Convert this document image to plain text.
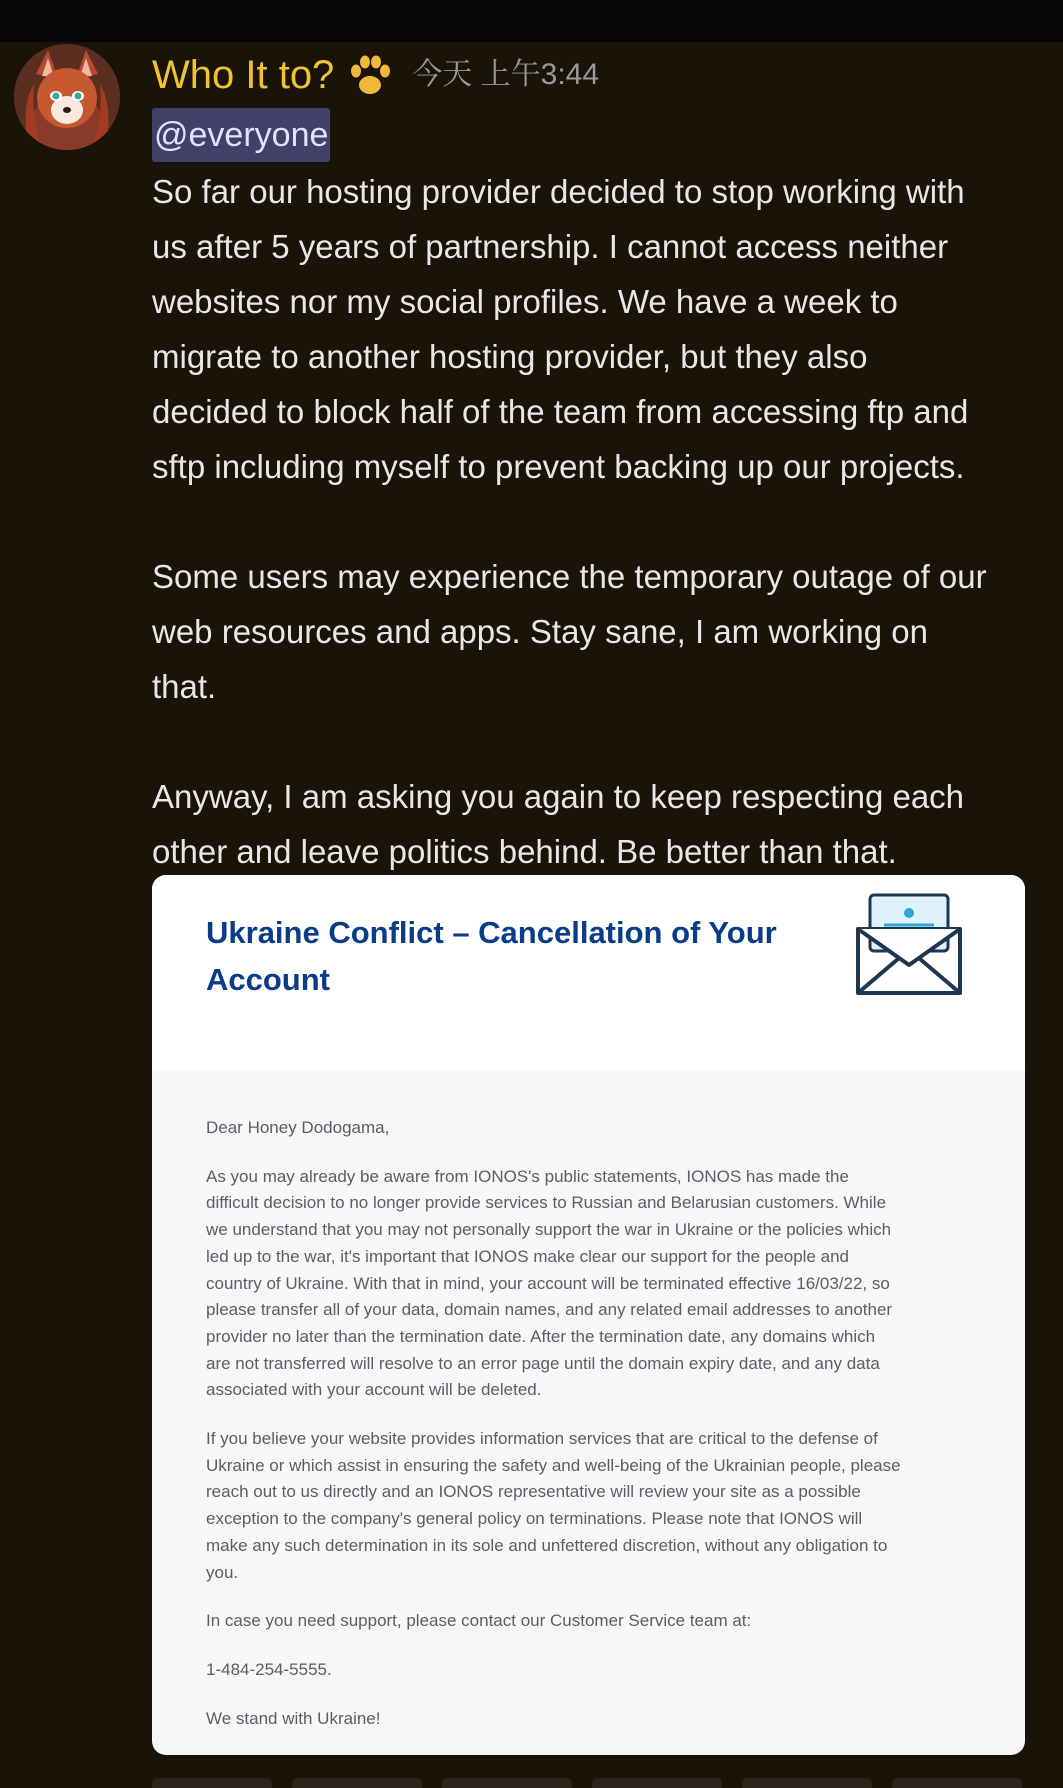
Who It to?	今天 上午3:44
@everyone

So far our hosting provider decided to stop working with

us after 5 years of partnership. I cannot access neither

websites nor my social profiles. We have a week to

migrate to another hosting provider, but they also

decided to block half of the team from accessing ftp and

sftp including myself to prevent backing up our projects.

Some users may experience the temporary outage of our

web resources and apps. Stay sane, I am working on

that.

Anyway, I am asking you again to keep respecting each

other and leave politics behind. Be better than that.

Ukraine Conflict – Cancellation of Your
Account

Dear Honey Dodogama,

As you may already be aware from IONOS's public statements, IONOS has made the
difficult decision to no longer provide services to Russian and Belarusian customers. While
we understand that you may not personally support the war in Ukraine or the policies which
led up to the war, it's important that IONOS make clear our support for the people and
country of Ukraine. With that in mind, your account will be terminated effective 16/03/22, so
please transfer all of your data, domain names, and any related email addresses to another
provider no later than the termination date. After the termination date, any domains which
are not transferred will resolve to an error page until the domain expiry date, and any data
associated with your account will be deleted.

If you believe your website provides information services that are critical to the defense of
Ukraine or which assist in ensuring the safety and well-being of the Ukrainian people, please
reach out to us directly and an IONOS representative will review your site as a possible
exception to the company's general policy on terminations. Please note that IONOS will
make any such determination in its sole and unfettered discretion, without any obligation to
you.

In case you need support, please contact our Customer Service team at:

1-484-254-5555.

We stand with Ukraine!
